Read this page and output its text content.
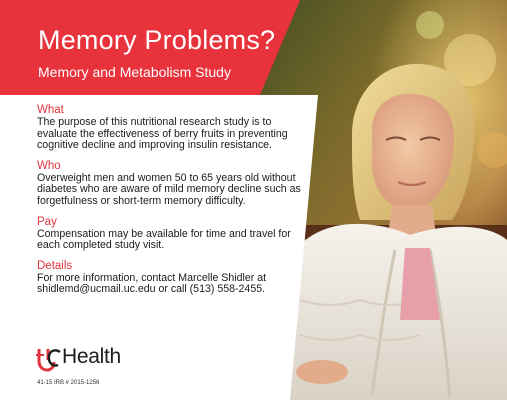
Memory Problems?
Memory and Metabolism Study

What

The purpose of this nutritional research study is to evaluate the effectiveness of berry fruits in preventing cognitive decline and improving insulin resistance.

Who

Overweight men and women 50 to 65 years old without diabetes who are aware of mild memory decline such as forgetfulness or short-term memory difficulty.

Pay

Compensation may be available for time and travel for each completed study visit.

Details

For more information, contact Marcelle Shidler at shidlemd@ucmail.uc.edu or call (513) 558-2455.

Health
41-15 IRB # 2015-1256
